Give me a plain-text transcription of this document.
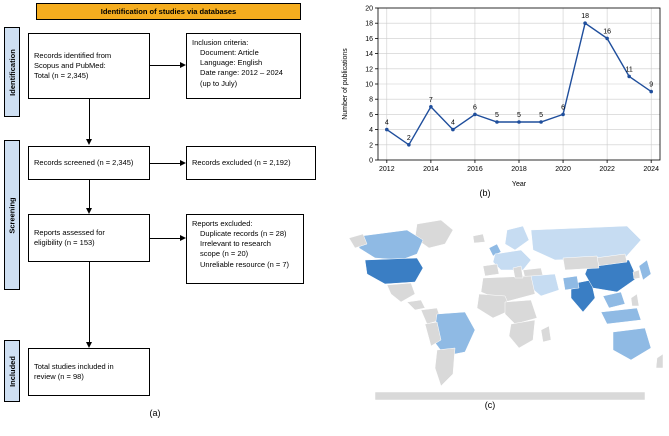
Identification of studies via databases
Identification
Screening
Included
Records identified from
Scopus and PubMed:
Total (n = 2,345)
Inclusion criteria:
Document: Article
Language: English
Date range: 2012 – 2024
(up to July)
Records screened (n = 2,345)	Records excluded (n = 2,192)
Reports assessed for
eligibility (n = 153)
Reports excluded:
Duplicate records (n = 28)
Irrelevant to research
scope (n = 20)
Unreliable resource (n = 7)
Total studies included in
review (n = 98)
(a)
4
2
7
4
6
5	5	5
6
18
16
11
9
0
2
4
6
8
10
12
14
16
18
20
2012	2014	2016	2018	2020	2022	2024
Number of publications
Year
(b)
(c)
